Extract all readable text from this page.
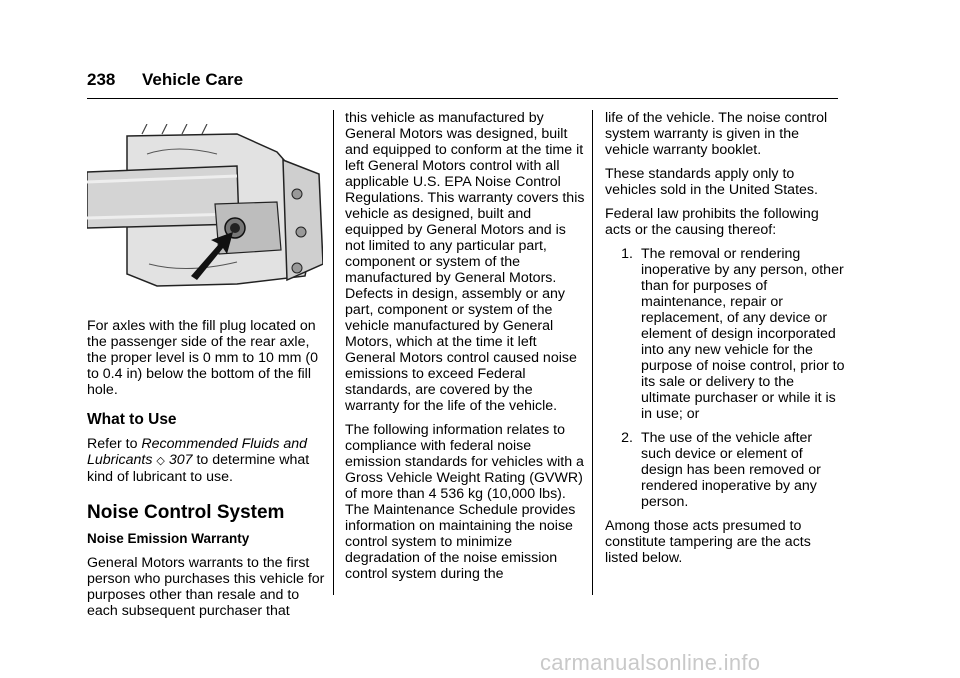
238 Vehicle Care

For axles with the fill plug located on the passenger side of the rear axle, the proper level is 0 mm to 10 mm (0 to 0.4 in) below the bottom of the fill hole.

What to Use

Refer to Recommended Fluids and Lubricants ◇ 307 to determine what kind of lubricant to use.

Noise Control System
Noise Emission Warranty

General Motors warrants to the first person who purchases this vehicle for purposes other than resale and to each subsequent purchaser that

this vehicle as manufactured by General Motors was designed, built and equipped to conform at the time it left General Motors control with all applicable U.S. EPA Noise Control Regulations. This warranty covers this vehicle as designed, built and equipped by General Motors and is not limited to any particular part, component or system of the manufactured by General Motors. Defects in design, assembly or any part, component or system of the vehicle manufactured by General Motors, which at the time it left General Motors control caused noise emissions to exceed Federal standards, are covered by the warranty for the life of the vehicle.

The following information relates to compliance with federal noise emission standards for vehicles with a Gross Vehicle Weight Rating (GVWR) of more than 4 536 kg (10,000 lbs). The Maintenance Schedule provides information on maintaining the noise control system to minimize degradation of the noise emission control system during the

life of the vehicle. The noise control system warranty is given in the vehicle warranty booklet.

These standards apply only to vehicles sold in the United States.

Federal law prohibits the following acts or the causing thereof:

1. The removal or rendering inoperative by any person, other than for purposes of maintenance, repair or replacement, of any device or element of design incorporated into any new vehicle for the purpose of noise control, prior to its sale or delivery to the ultimate purchaser or while it is in use; or
2. The use of the vehicle after such device or element of design has been removed or rendered inoperative by any person.

Among those acts presumed to constitute tampering are the acts listed below.

carmanualsonline.info
